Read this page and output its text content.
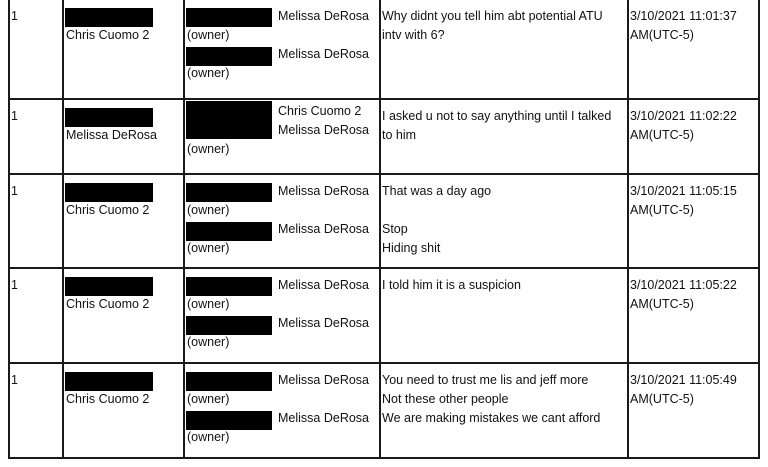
1
Chris Cuomo 2
Melissa DeRosa
(owner)
Melissa DeRosa
(owner)
Why didnt you tell him abt potential ATU
intv with 6?
3/10/2021 11:01:37
AM(UTC-5)
1
Melissa DeRosa
Chris Cuomo 2
Melissa DeRosa
(owner)
I asked u not to say anything until I talked
to him
3/10/2021 11:02:22
AM(UTC-5)
1
Chris Cuomo 2
Melissa DeRosa
(owner)
Melissa DeRosa
(owner)
That was a day ago
Stop
Hiding shit
3/10/2021 11:05:15
AM(UTC-5)
1
Chris Cuomo 2
Melissa DeRosa
(owner)
Melissa DeRosa
(owner)
I told him it is a suspicion	3/10/2021 11:05:22
AM(UTC-5)
1
Chris Cuomo 2
Melissa DeRosa
(owner)
Melissa DeRosa
(owner)
You need to trust me lis and jeff more
Not these other people
We are making mistakes we cant afford
3/10/2021 11:05:49
AM(UTC-5)
